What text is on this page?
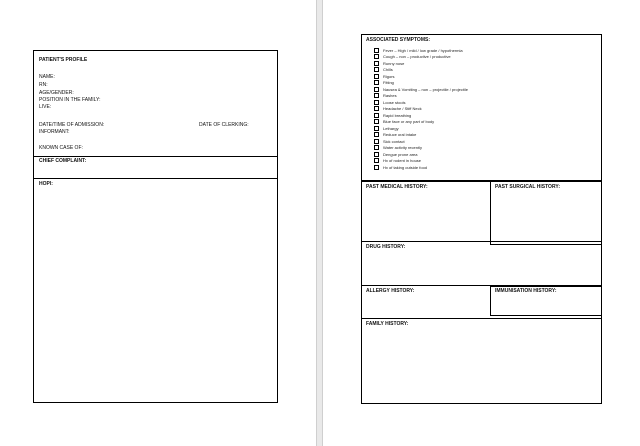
PATIENT'S PROFILE
NAME:
RN:
AGE/GENDER:
POSITION IN THE FAMILY:
LIVE:
DATE/TIME OF ADMISSION:	DATE OF CLERKING:
INFORMANT:
KNOWN CASE OF:
CHIEF COMPLAINT:
HOPI:
ASSOCIATED SYMPTOMS:
Fever – High / mild / low grade / hypothermia
Cough – non – productive / productive
Runny nose
Chills
Rigors
Fitting
Nausea & Vomiting – non – projectile / projectile
Rashes
Loose stools
Headache / Stiff Neck
Rapid breathing
Blue face or any part of body
Lethargy
Reduce oral intake
Sick contact
Water activity recently
Dengue prone area
Hx of rodent in house
Hx of taking outside food
PAST MEDICAL HISTORY:	PAST SURGICAL HISTORY:
DRUG HISTORY:
ALLERGY HISTORY:	IMMUNISATION HISTORY:
FAMILY HISTORY:
